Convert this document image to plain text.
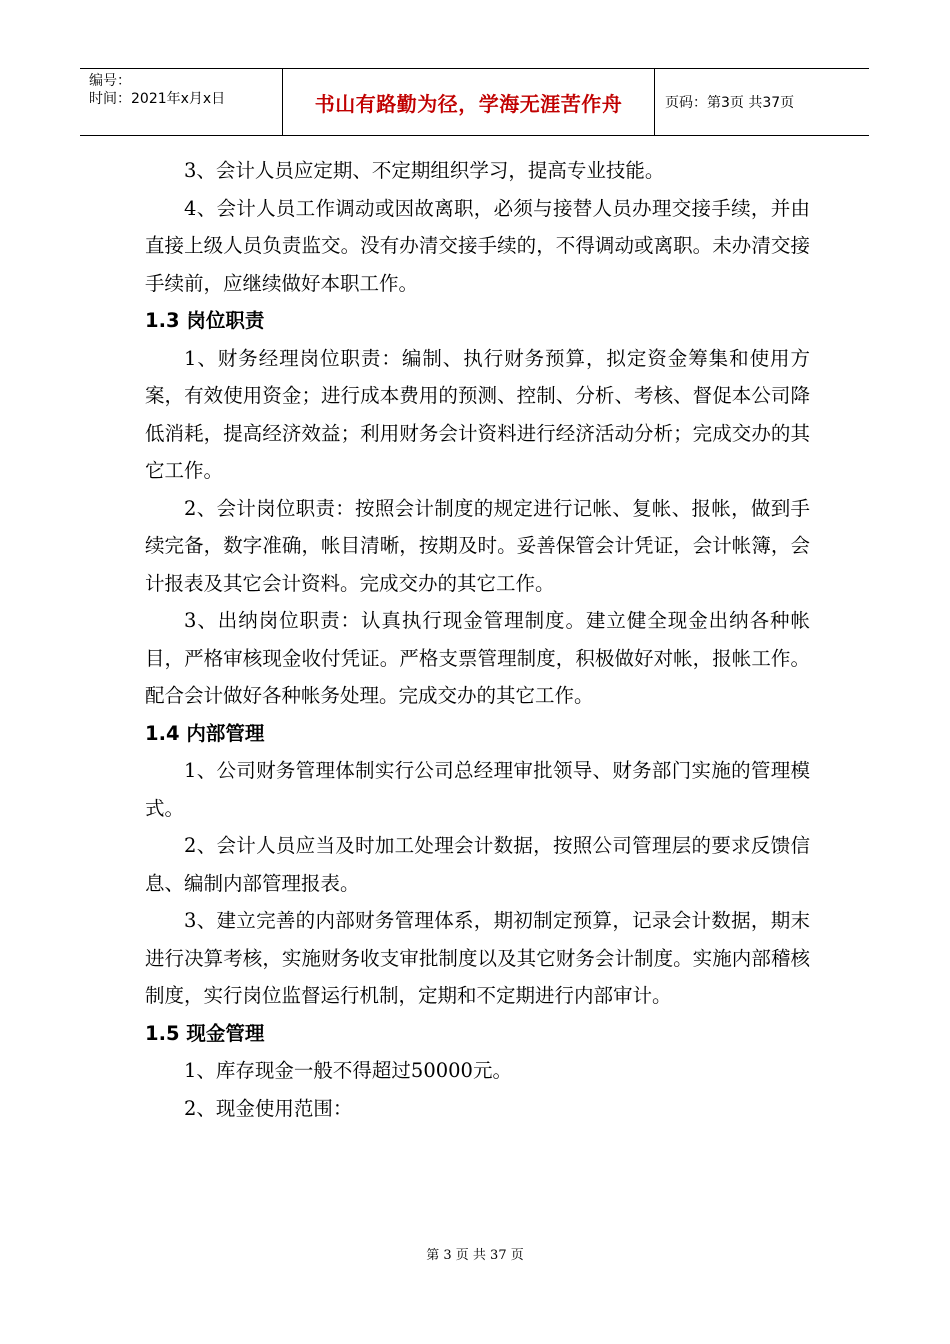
编号：
时间：2021年x月x日	书山有路勤为径，学海无涯苦作舟	页码：第3页 共37页

3、会计人员应定期、不定期组织学习，提高专业技能。

4、会计人员工作调动或因故离职，必须与接替人员办理交接手续，并由直接上级人员负责监交。没有办清交接手续的，不得调动或离职。未办清交接手续前，应继续做好本职工作。

1.3 岗位职责

1、财务经理岗位职责：编制、执行财务预算，拟定资金筹集和使用方案，有效使用资金；进行成本费用的预测、控制、分析、考核、督促本公司降低消耗，提高经济效益；利用财务会计资料进行经济活动分析；完成交办的其它工作。

2、会计岗位职责：按照会计制度的规定进行记帐、复帐、报帐，做到手续完备，数字准确，帐目清晰，按期及时。妥善保管会计凭证，会计帐簿，会计报表及其它会计资料。完成交办的其它工作。

3、出纳岗位职责：认真执行现金管理制度。建立健全现金出纳各种帐目，严格审核现金收付凭证。严格支票管理制度，积极做好对帐，报帐工作。配合会计做好各种帐务处理。完成交办的其它工作。

1.4 内部管理

1、公司财务管理体制实行公司总经理审批领导、财务部门实施的管理模式。

2、会计人员应当及时加工处理会计数据，按照公司管理层的要求反馈信息、编制内部管理报表。

3、建立完善的内部财务管理体系，期初制定预算，记录会计数据，期末进行决算考核，实施财务收支审批制度以及其它财务会计制度。实施内部稽核制度，实行岗位监督运行机制，定期和不定期进行内部审计。

1.5 现金管理

1、库存现金一般不得超过50000元。

2、现金使用范围：

第 3 页 共 37 页
